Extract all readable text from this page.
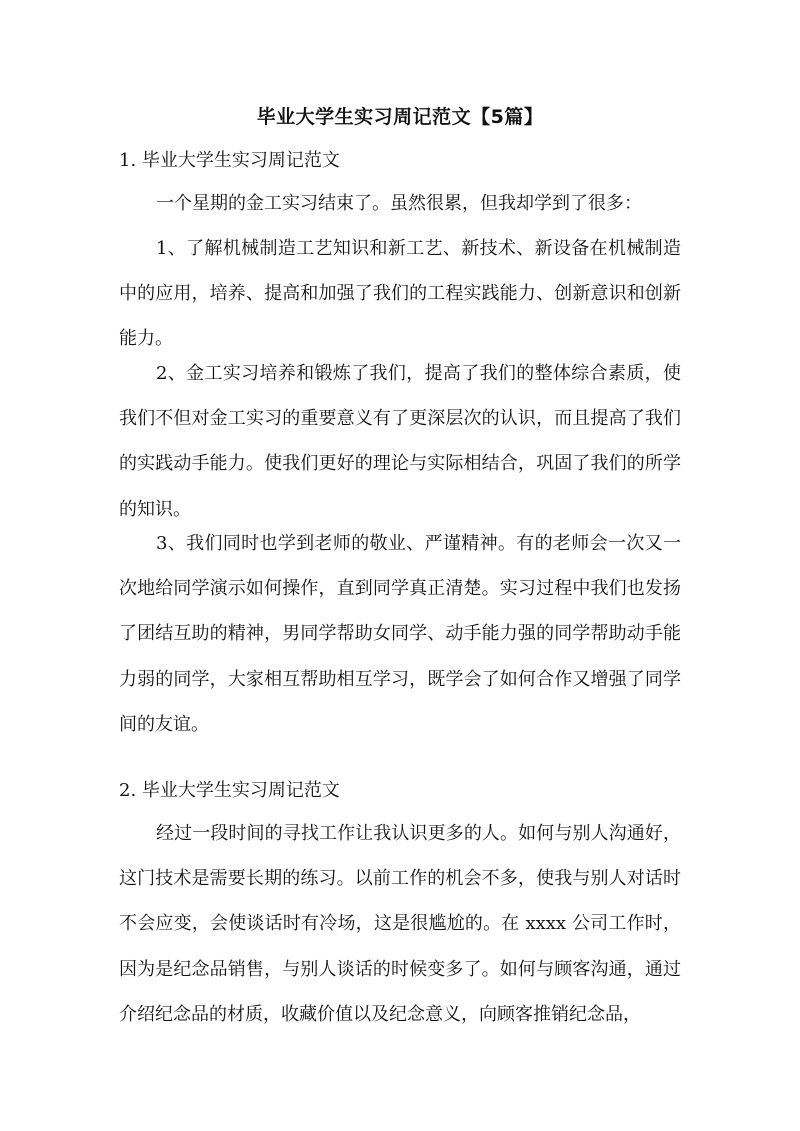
毕业大学生实习周记范文【5篇】

1. 毕业大学生实习周记范文

一个星期的金工实习结束了。虽然很累，但我却学到了很多：

1、了解机械制造工艺知识和新工艺、新技术、新设备在机械制造中的应用，培养、提高和加强了我们的工程实践能力、创新意识和创新能力。

2、金工实习培养和锻炼了我们，提高了我们的整体综合素质，使我们不但对金工实习的重要意义有了更深层次的认识，而且提高了我们的实践动手能力。使我们更好的理论与实际相结合，巩固了我们的所学的知识。

3、我们同时也学到老师的敬业、严谨精神。有的老师会一次又一次地给同学演示如何操作，直到同学真正清楚。实习过程中我们也发扬了团结互助的精神，男同学帮助女同学、动手能力强的同学帮助动手能力弱的同学，大家相互帮助相互学习，既学会了如何合作又增强了同学间的友谊。

2. 毕业大学生实习周记范文

经过一段时间的寻找工作让我认识更多的人。如何与别人沟通好，这门技术是需要长期的练习。以前工作的机会不多，使我与别人对话时不会应变，会使谈话时有冷场，这是很尴尬的。在 xxxx 公司工作时，因为是纪念品销售，与别人谈话的时候变多了。如何与顾客沟通，通过介绍纪念品的材质，收藏价值以及纪念意义，向顾客推销纪念品，
